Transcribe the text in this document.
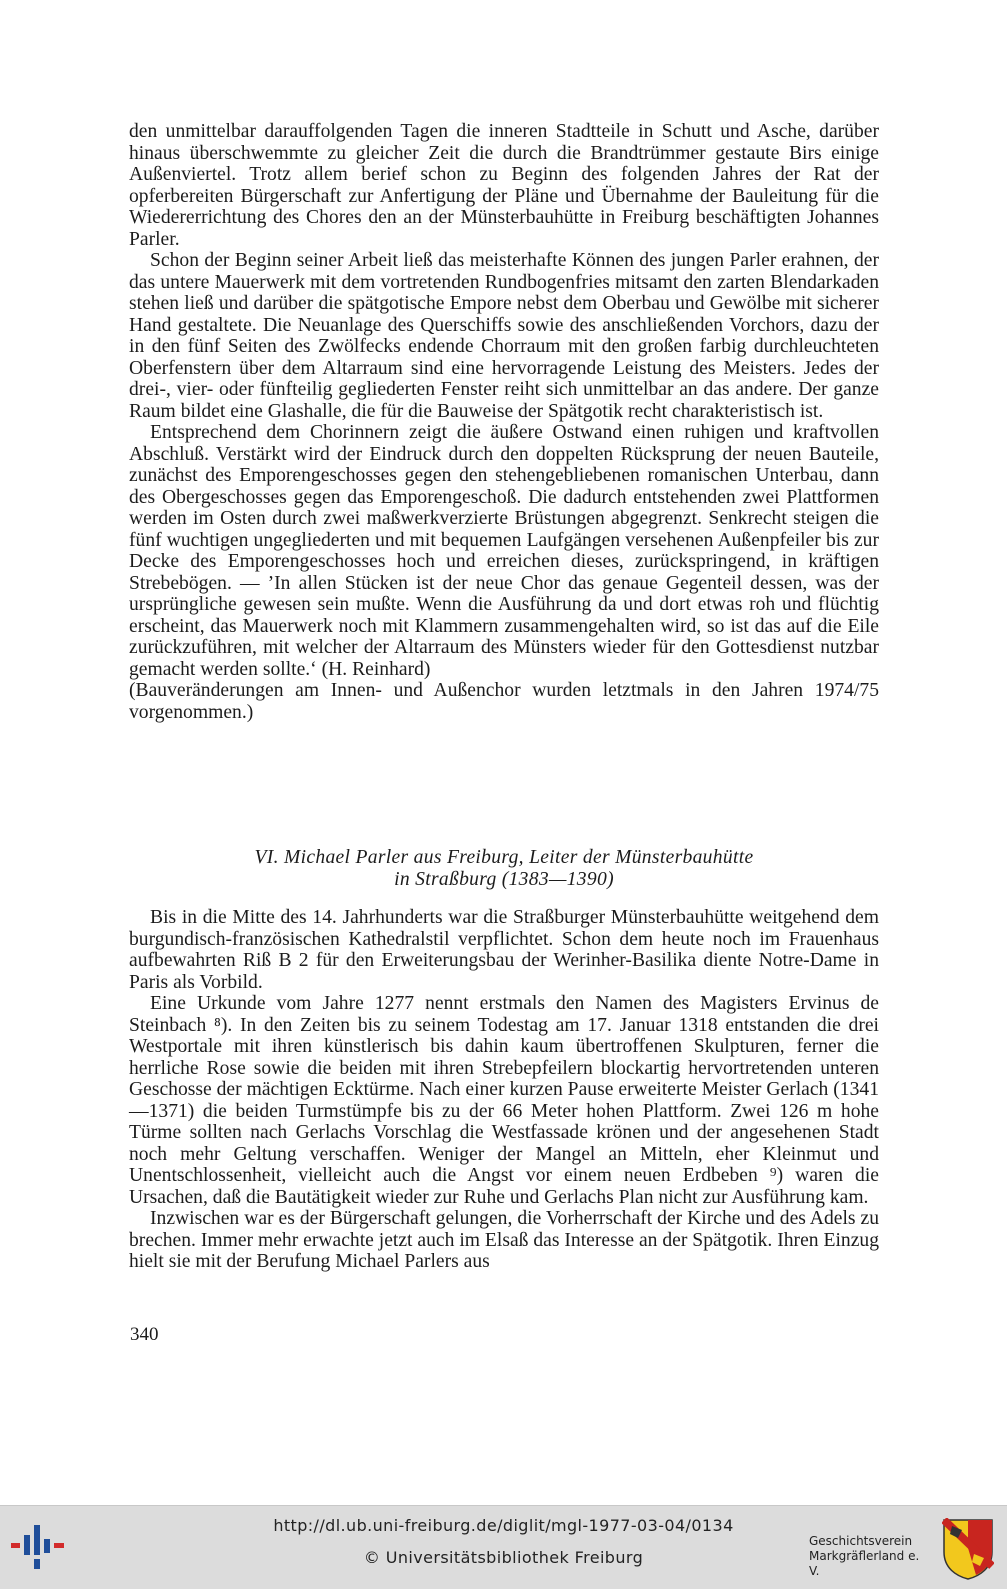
den unmittelbar darauffolgenden Tagen die inneren Stadtteile in Schutt und Asche, darüber hinaus überschwemmte zu gleicher Zeit die durch die Brandtrümmer gestaute Birs einige Außenviertel. Trotz allem berief schon zu Beginn des folgenden Jahres der Rat der opferbereiten Bürgerschaft zur Anfertigung der Pläne und Übernahme der Bauleitung für die Wiedererrichtung des Chores den an der Münsterbauhütte in Freiburg beschäftigten Johannes Parler.

Schon der Beginn seiner Arbeit ließ das meisterhafte Können des jungen Parler erahnen, der das untere Mauerwerk mit dem vortretenden Rundbogenfries mitsamt den zarten Blendarkaden stehen ließ und darüber die spätgotische Empore nebst dem Oberbau und Gewölbe mit sicherer Hand gestaltete. Die Neuanlage des Querschiffs sowie des anschließenden Vorchors, dazu der in den fünf Seiten des Zwölfecks endende Chorraum mit den großen farbig durchleuchteten Oberfenstern über dem Altarraum sind eine hervorragende Leistung des Meisters. Jedes der drei-, vier- oder fünfteilig gegliederten Fenster reiht sich unmittelbar an das andere. Der ganze Raum bildet eine Glashalle, die für die Bauweise der Spätgotik recht charakteristisch ist.

Entsprechend dem Chorinnern zeigt die äußere Ostwand einen ruhigen und kraftvollen Abschluß. Verstärkt wird der Eindruck durch den doppelten Rücksprung der neuen Bauteile, zunächst des Emporengeschosses gegen den stehengebliebenen romanischen Unterbau, dann des Obergeschosses gegen das Emporengeschoß. Die dadurch entstehenden zwei Plattformen werden im Osten durch zwei maßwerkverzierte Brüstungen abgegrenzt. Senkrecht steigen die fünf wuchtigen ungegliederten und mit bequemen Laufgängen versehenen Außenpfeiler bis zur Decke des Emporengeschosses hoch und erreichen dieses, zurückspringend, in kräftigen Strebebögen. — ’In allen Stücken ist der neue Chor das genaue Gegenteil dessen, was der ursprüngliche gewesen sein mußte. Wenn die Ausführung da und dort etwas roh und flüchtig erscheint, das Mauerwerk noch mit Klammern zusammengehalten wird, so ist das auf die Eile zurückzuführen, mit welcher der Altarraum des Münsters wieder für den Gottesdienst nutzbar gemacht werden sollte.‘ (H. Reinhard)

(Bauveränderungen am Innen- und Außenchor wurden letztmals in den Jahren 1974/75 vorgenommen.)

VI. Michael Parler aus Freiburg, Leiter der Münsterbauhütte
in Straßburg (1383—1390)

Bis in die Mitte des 14. Jahrhunderts war die Straßburger Münsterbauhütte weitgehend dem burgundisch-französischen Kathedralstil verpflichtet. Schon dem heute noch im Frauenhaus aufbewahrten Riß B 2 für den Erweiterungsbau der Werinher-Basilika diente Notre-Dame in Paris als Vorbild.

Eine Urkunde vom Jahre 1277 nennt erstmals den Namen des Magisters Ervinus de Steinbach ⁸). In den Zeiten bis zu seinem Todestag am 17. Januar 1318 entstanden die drei Westportale mit ihren künstlerisch bis dahin kaum übertroffenen Skulpturen, ferner die herrliche Rose sowie die beiden mit ihren Strebepfeilern blockartig hervortretenden unteren Geschosse der mächtigen Ecktürme. Nach einer kurzen Pause erweiterte Meister Gerlach (1341—1371) die beiden Turmstümpfe bis zu der 66 Meter hohen Plattform. Zwei 126 m hohe Türme sollten nach Gerlachs Vorschlag die Westfassade krönen und der angesehenen Stadt noch mehr Geltung verschaffen. Weniger der Mangel an Mitteln, eher Kleinmut und Unentschlossenheit, vielleicht auch die Angst vor einem neuen Erdbeben ⁹) waren die Ursachen, daß die Bautätigkeit wieder zur Ruhe und Gerlachs Plan nicht zur Ausführung kam.

Inzwischen war es der Bürgerschaft gelungen, die Vorherrschaft der Kirche und des Adels zu brechen. Immer mehr erwachte jetzt auch im Elsaß das Interesse an der Spätgotik. Ihren Einzug hielt sie mit der Berufung Michael Parlers aus

340
http://dl.ub.uni-freiburg.de/diglit/mgl-1977-03-04/0134
© Universitätsbibliothek Freiburg
Geschichtsverein
Markgräflerland e. V.
